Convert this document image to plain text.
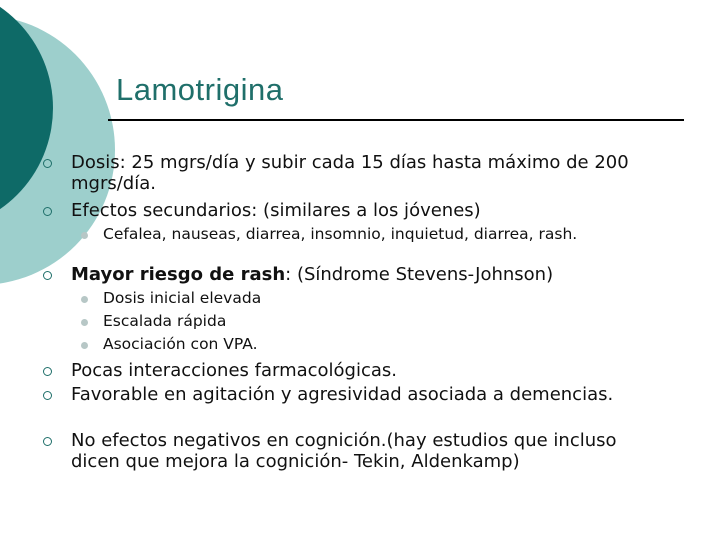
Lamotrigina
Dosis: 25 mgrs/día y subir cada 15 días hasta máximo de 200 mgrs/día.
Efectos secundarios: (similares a los jóvenes)
Cefalea, nauseas, diarrea, insomnio, inquietud, diarrea, rash.
Mayor riesgo de rash: (Síndrome Stevens-Johnson)
Dosis inicial elevada
Escalada rápida
Asociación con VPA.
Pocas interacciones farmacológicas.
Favorable en agitación y agresividad asociada a demencias.
No efectos negativos en cognición.(hay estudios que incluso dicen que mejora la cognición- Tekin, Aldenkamp)
